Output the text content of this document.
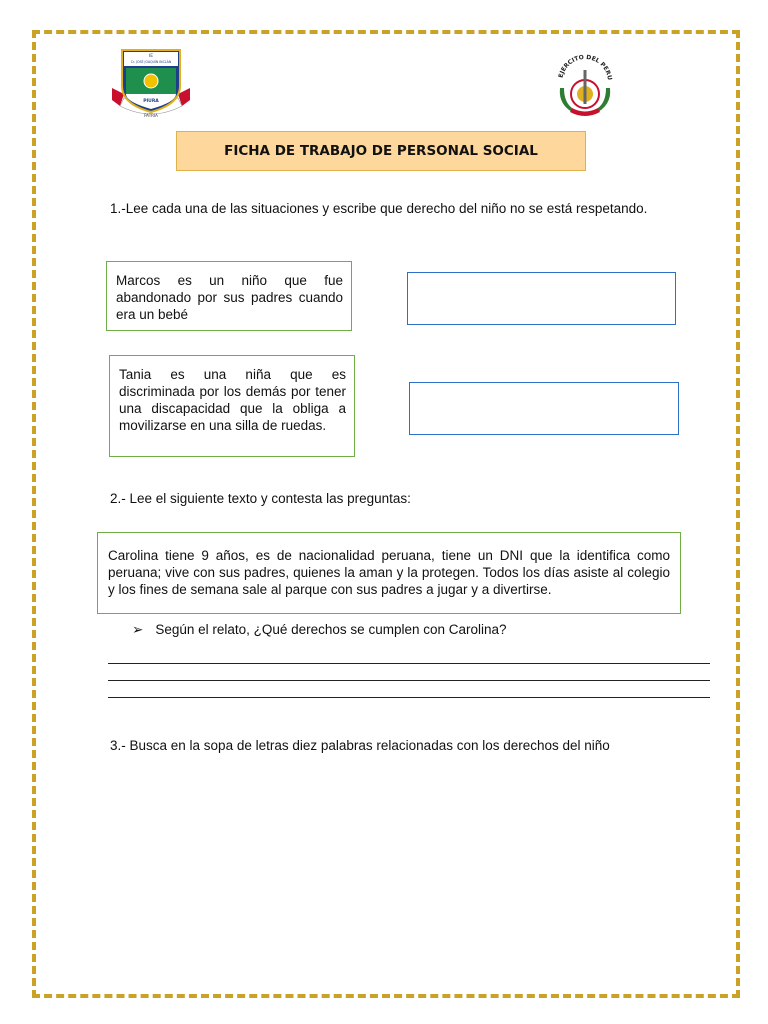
IE
Cr. JOSÉ JOAQUÍN INCLÁN
PIURA
PATRIA
EJERCITO DEL PERU
FICHA DE TRABAJO DE PERSONAL SOCIAL
1.-Lee cada una de las situaciones y escribe que derecho del niño no se está respetando.
Marcos es un niño que fue abandonado por sus padres cuando era un bebé
Tania es una niña que es discriminada por los demás por tener una discapacidad que la obliga a movilizarse en una silla de ruedas.
2.- Lee el siguiente texto y contesta las preguntas:
Carolina tiene 9 años, es de nacionalidad peruana, tiene un DNI que la identifica como peruana; vive con sus padres, quienes la aman y la protegen. Todos los días asiste al colegio y los fines de semana sale al parque con sus padres a jugar y a divertirse.
➢ Según el relato, ¿Qué derechos se cumplen con Carolina?
3.- Busca en la sopa de letras diez palabras relacionadas con los derechos del niño
